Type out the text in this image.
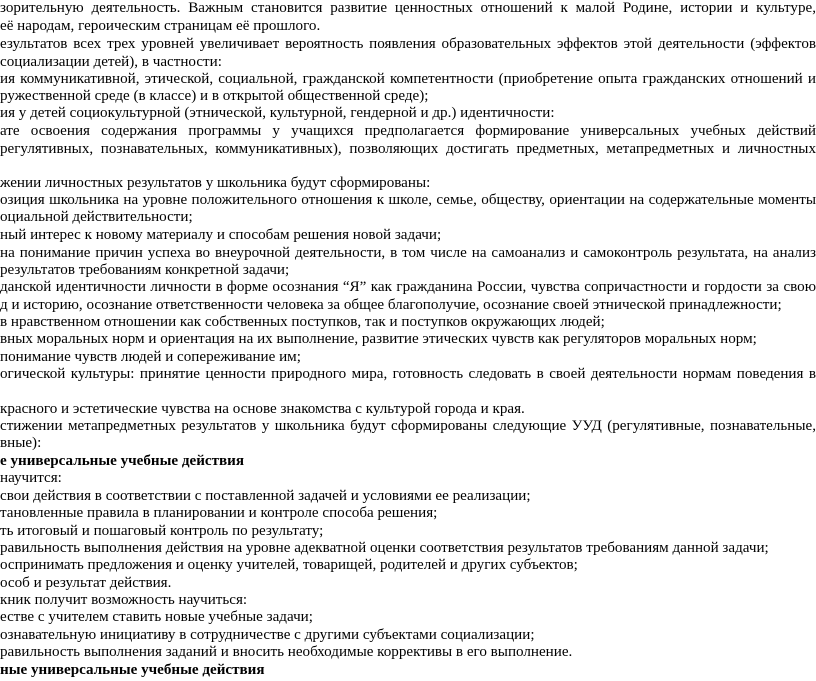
зорительную деятельность. Важным становится развитие ценностных отношений к малой Родине, истории и культуре,
её народам, героическим страницам её прошлого.
езультатов всех трех уровней увеличивает вероятность появления образовательных эффектов этой деятельности (эффектов
социализации детей), в частности:
ия коммуникативной, этической, социальной, гражданской компетентности (приобретение опыта гражданских отношений и
ружественной среде (в классе) и в открытой общественной среде);
ия у детей социокультурной (этнической, культурной, гендерной и др.) идентичности:
ате освоения содержания программы у учащихся предполагается формирование универсальных учебных действий
регулятивных, познавательных, коммуникативных), позволяющих достигать предметных, метапредметных и личностных
жении личностных результатов у школьника будут сформированы:
озиция школьника на уровне положительного отношения к школе, семье, обществу, ориентации на содержательные моменты
оциальной действительности;
ный интерес к новому материалу и способам решения новой задачи;
на понимание причин успеха во внеурочной деятельности, в том числе на самоанализ и самоконтроль результата, на анализ
результатов требованиям конкретной задачи;
данской идентичности личности в форме осознания “Я” как гражданина России, чувства сопричастности и гордости за свою
д и историю, осознание ответственности человека за общее благополучие, осознание своей этнической принадлежности;
в нравственном отношении как собственных поступков, так и поступков окружающих людей;
вных моральных норм и ориентация на их выполнение, развитие этических чувств как регуляторов моральных норм;
понимание чувств людей и сопереживание им;
огической культуры: принятие ценности природного мира, готовность следовать в своей деятельности нормам поведения в
красного и эстетические чувства на основе знакомства с культурой города и края.
стижении метапредметных результатов у школьника будут сформированы следующие УУД (регулятивные, познавательные,
вные):
е универсальные учебные действия
научится:
свои действия в соответствии с поставленной задачей и условиями ее реализации;
тановленные правила в планировании и контроле способа решения;
ть итоговый и пошаговый контроль по результату;
равильность выполнения действия на уровне адекватной оценки соответствия результатов требованиям данной задачи;
оспринимать предложения и оценку учителей, товарищей, родителей и других субъектов;
особ и результат действия.
кник получит возможность научиться:
естве с учителем ставить новые учебные задачи;
ознавательную инициативу в сотрудничестве с другими субъектами социализации;
равильность выполнения заданий и вносить необходимые коррективы в его выполнение.
ные универсальные учебные действия
